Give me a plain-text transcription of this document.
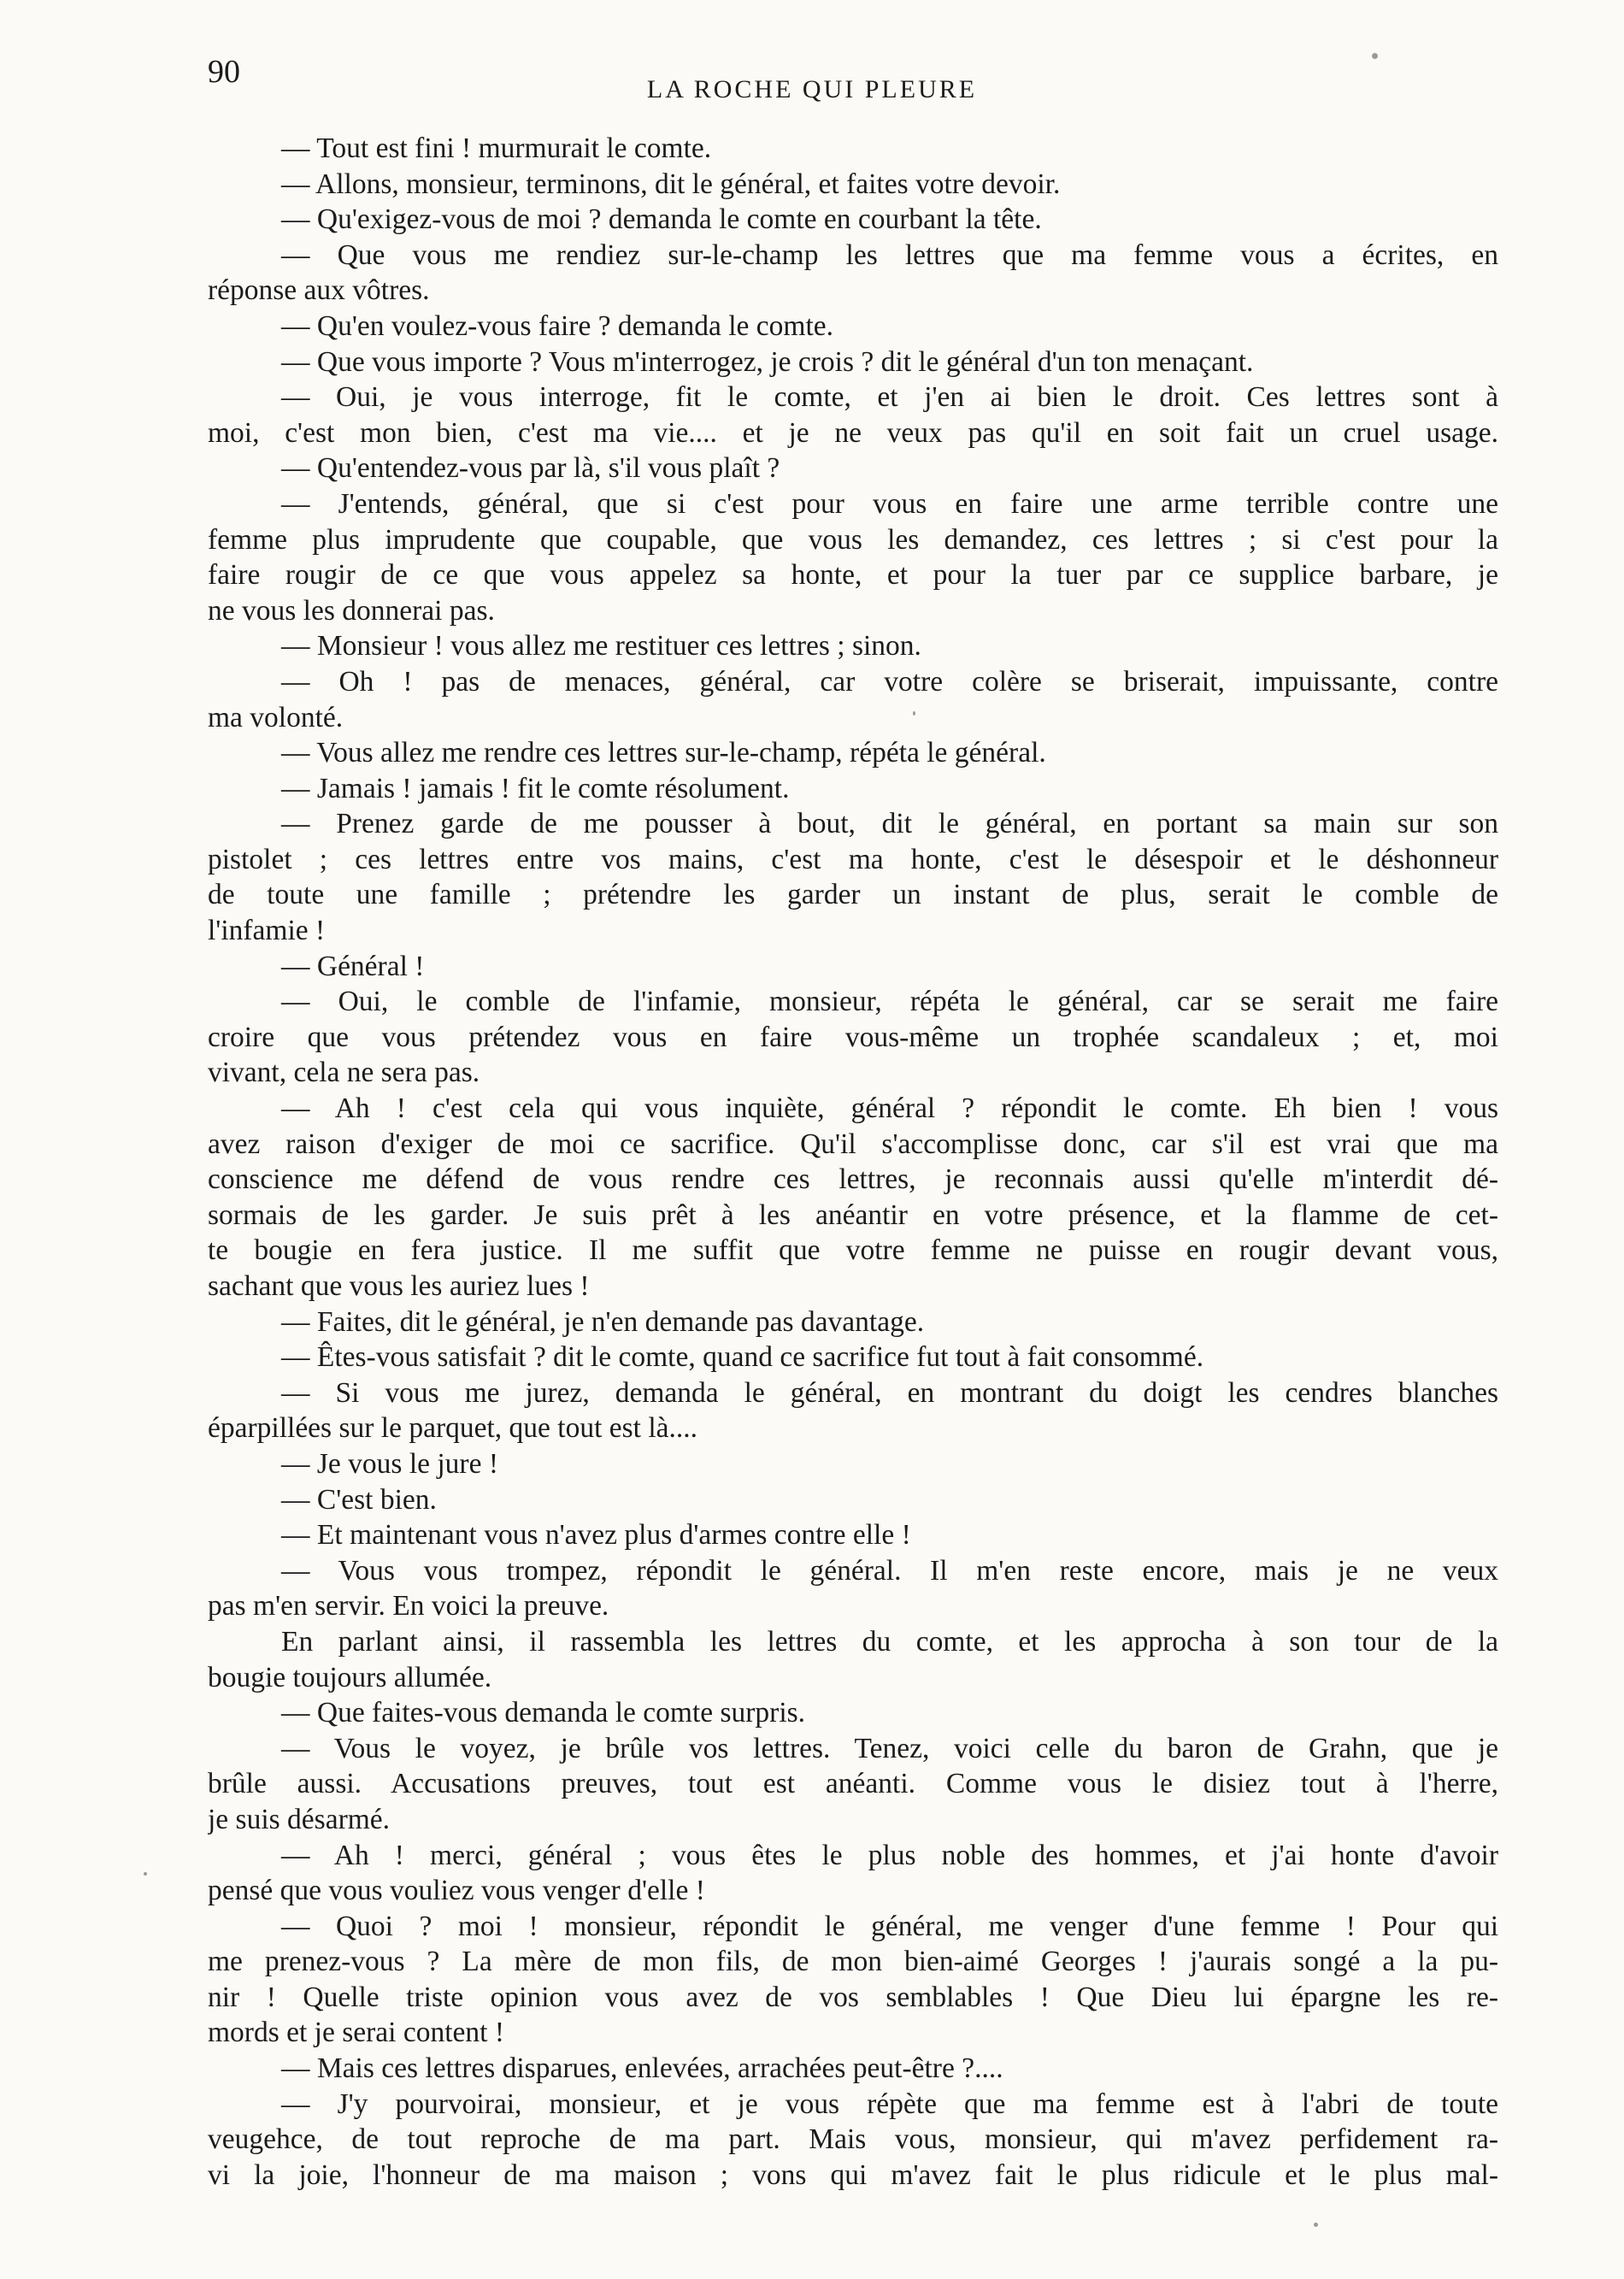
90	LA ROCHE QUI PLEURE
— Tout est fini ! murmurait le comte.
— Allons, monsieur, terminons, dit le général, et faites votre devoir.
— Qu'exigez-vous de moi ? demanda le comte en courbant la tête.
— Que vous me rendiez sur-le-champ les lettres que ma femme vous a écrites, en
réponse aux vôtres.
— Qu'en voulez-vous faire ? demanda le comte.
— Que vous importe ? Vous m'interrogez, je crois ? dit le général d'un ton menaçant.
— Oui, je vous interroge, fit le comte, et j'en ai bien le droit. Ces lettres sont à
moi, c'est mon bien, c'est ma vie.... et je ne veux pas qu'il en soit fait un cruel usage.
— Qu'entendez-vous par là, s'il vous plaît ?
— J'entends, général, que si c'est pour vous en faire une arme terrible contre une
femme plus imprudente que coupable, que vous les demandez, ces lettres ; si c'est pour la
faire rougir de ce que vous appelez sa honte, et pour la tuer par ce supplice barbare, je
ne vous les donnerai pas.
— Monsieur ! vous allez me restituer ces lettres ; sinon.
— Oh ! pas de menaces, général, car votre colère se briserait, impuissante, contre
ma volonté.
— Vous allez me rendre ces lettres sur-le-champ, répéta le général.
— Jamais ! jamais ! fit le comte résolument.
— Prenez garde de me pousser à bout, dit le général, en portant sa main sur son
pistolet ; ces lettres entre vos mains, c'est ma honte, c'est le désespoir et le déshonneur
de toute une famille ; prétendre les garder un instant de plus, serait le comble de
l'infamie !
— Général !
— Oui, le comble de l'infamie, monsieur, répéta le général, car se serait me faire
croire que vous prétendez vous en faire vous-même un trophée scandaleux ; et, moi
vivant, cela ne sera pas.
— Ah ! c'est cela qui vous inquiète, général ? répondit le comte. Eh bien ! vous
avez raison d'exiger de moi ce sacrifice. Qu'il s'accomplisse donc, car s'il est vrai que ma
conscience me défend de vous rendre ces lettres, je reconnais aussi qu'elle m'interdit dé-
sormais de les garder. Je suis prêt à les anéantir en votre présence, et la flamme de cet-
te bougie en fera justice. Il me suffit que votre femme ne puisse en rougir devant vous,
sachant que vous les auriez lues !
— Faites, dit le général, je n'en demande pas davantage.
— Êtes-vous satisfait ? dit le comte, quand ce sacrifice fut tout à fait consommé.
— Si vous me jurez, demanda le général, en montrant du doigt les cendres blanches
éparpillées sur le parquet, que tout est là....
— Je vous le jure !
— C'est bien.
— Et maintenant vous n'avez plus d'armes contre elle !
— Vous vous trompez, répondit le général. Il m'en reste encore, mais je ne veux
pas m'en servir. En voici la preuve.
En parlant ainsi, il rassembla les lettres du comte, et les approcha à son tour de la
bougie toujours allumée.
— Que faites-vous demanda le comte surpris.
— Vous le voyez, je brûle vos lettres. Tenez, voici celle du baron de Grahn, que je
brûle aussi. Accusations preuves, tout est anéanti. Comme vous le disiez tout à l'herre,
je suis désarmé.
— Ah ! merci, général ; vous êtes le plus noble des hommes, et j'ai honte d'avoir
pensé que vous vouliez vous venger d'elle !
— Quoi ? moi ! monsieur, répondit le général, me venger d'une femme ! Pour qui
me prenez-vous ? La mère de mon fils, de mon bien-aimé Georges ! j'aurais songé a la pu-
nir ! Quelle triste opinion vous avez de vos semblables ! Que Dieu lui épargne les re-
mords et je serai content !
— Mais ces lettres disparues, enlevées, arrachées peut-être ?....
— J'y pourvoirai, monsieur, et je vous répète que ma femme est à l'abri de toute
veugehce, de tout reproche de ma part. Mais vous, monsieur, qui m'avez perfidement ra-
vi la joie, l'honneur de ma maison ; vons qui m'avez fait le plus ridicule et le plus mal-
